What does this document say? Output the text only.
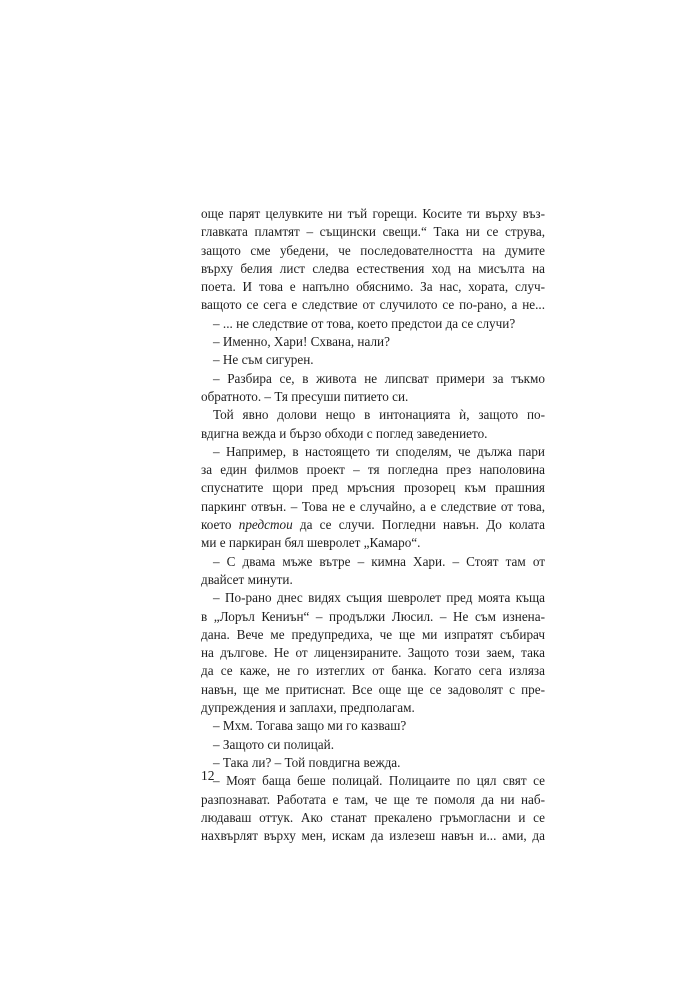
още парят целувките ни тъй горещи. Косите ти върху въз-
главката пламтят – същински свещи.“ Така ни се струва,
защото сме убедени, че последователността на думите
върху белия лист следва естествения ход на мисълта на
поета. И това е напълно обяснимо. За нас, хората, случ-
ващото се сега е следствие от случилото се по-рано, а не...
– ... не следствие от това, което предстои да се случи?
– Именно, Хари! Схвана, нали?
– Не съм сигурен.
– Разбира се, в живота не липсват примери за тъкмо
обратното. – Тя пресуши питието си.
Той явно долови нещо в интонацията ѝ, защото по-
вдигна вежда и бързо обходи с поглед заведението.
– Например, в настоящето ти споделям, че дължа пари
за един филмов проект – тя погледна през наполовина
спуснатите щори пред мръсния прозорец към прашния
паркинг отвън. – Това не е случайно, а е следствие от това,
което предстои да се случи. Погледни навън. До колата
ми е паркиран бял шевролет „Камаро“.
– С двама мъже вътре – кимна Хари. – Стоят там от
двайсет минути.
– По-рано днес видях същия шевролет пред моята къща
в „Лоръл Кениън“ – продължи Люсил. – Не съм изнена-
дана. Вече ме предупредиха, че ще ми изпратят събирач
на дългове. Не от лицензираните. Защото този заем, така
да се каже, не го изтеглих от банка. Когато сега изляза
навън, ще ме притиснат. Все още ще се задоволят с пре-
дупреждения и заплахи, предполагам.
– Мхм. Тогава защо ми го казваш?
– Защото си полицай.
– Така ли? – Той повдигна вежда.
– Моят баща беше полицай. Полицаите по цял свят се
разпознават. Работата е там, че ще те помоля да ни наб-
людаваш оттук. Ако станат прекалено гръмогласни и се
нахвърлят върху мен, искам да излезеш навън и... ами, да
12
